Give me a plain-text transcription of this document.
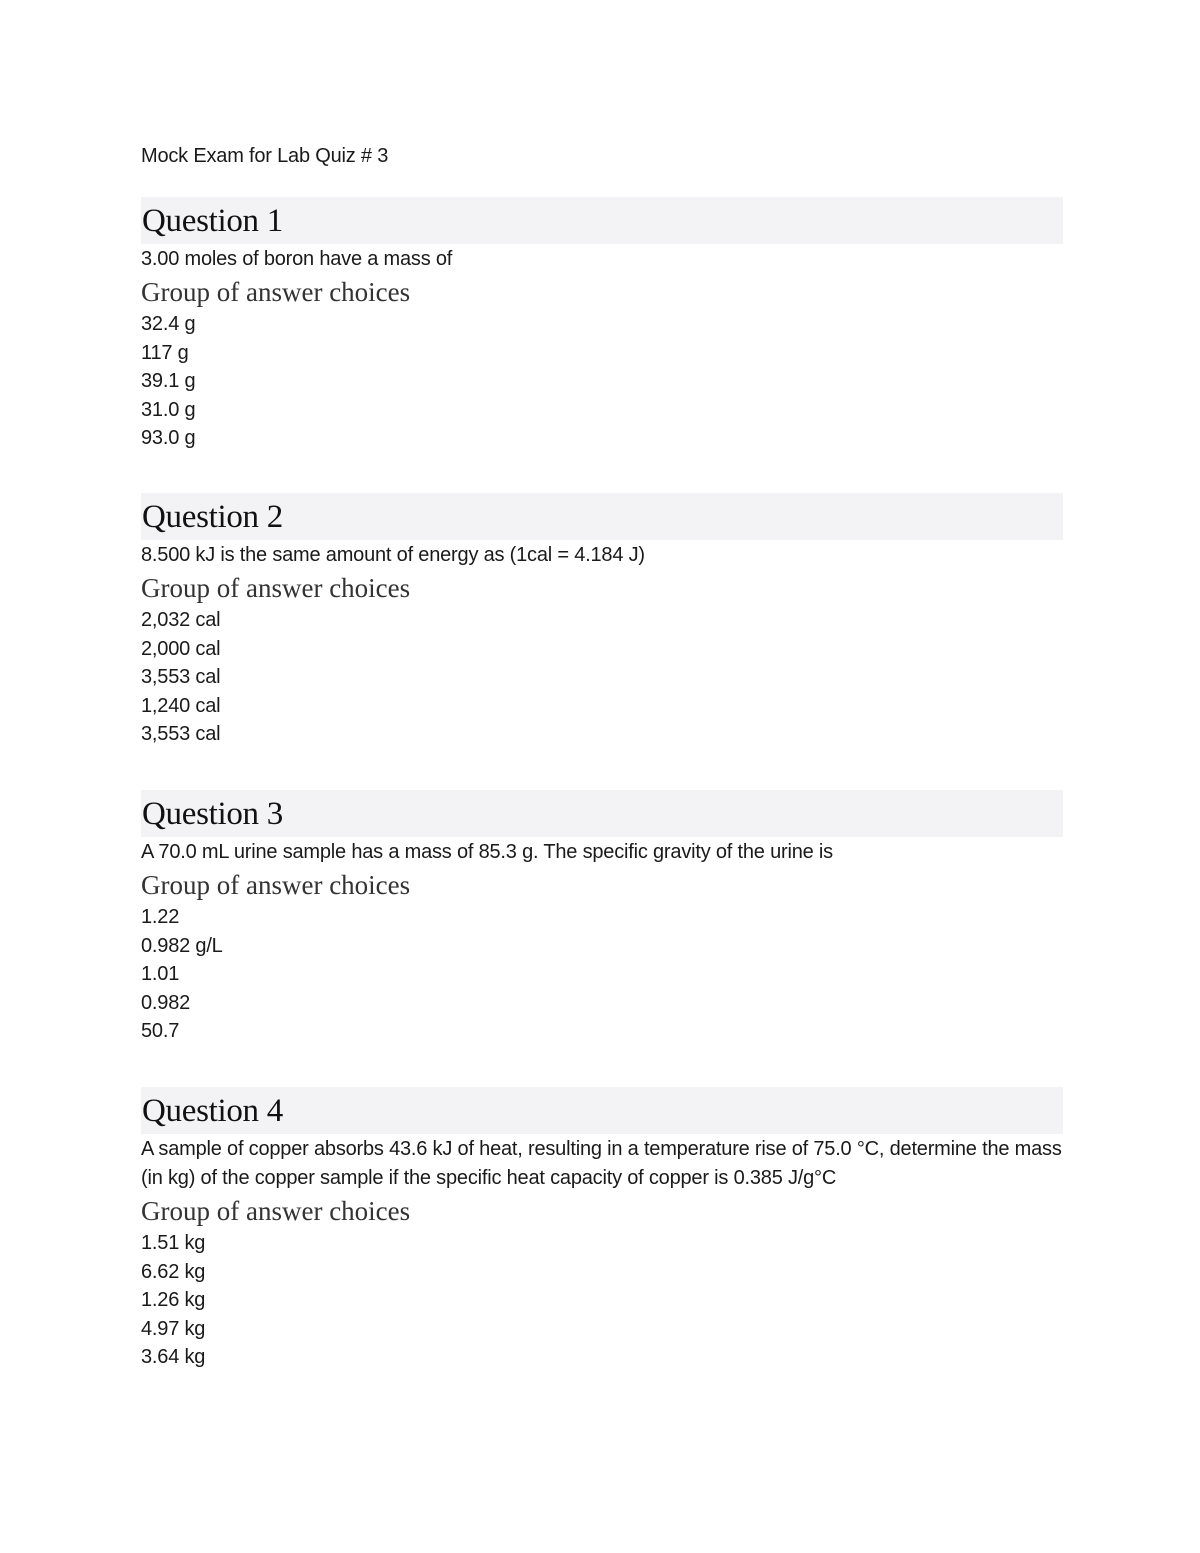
Mock Exam for Lab Quiz # 3
Question 1
3.00 moles of boron have a mass of
Group of answer choices
32.4 g
117 g
39.1 g
31.0 g
93.0 g
Question 2
8.500 kJ is the same amount of energy as (1cal = 4.184 J)
Group of answer choices
2,032 cal
2,000 cal
3,553 cal
1,240 cal
3,553 cal
Question 3
A 70.0 mL urine sample has a mass of 85.3 g. The specific gravity of the urine is
Group of answer choices
1.22
0.982 g/L
1.01
0.982
50.7
Question 4
A sample of copper absorbs 43.6 kJ of heat, resulting in a temperature rise of 75.0 °C, determine the mass (in kg) of the copper sample if the specific heat capacity of copper is 0.385 J/g°C
Group of answer choices
1.51 kg
6.62 kg
1.26 kg
4.97 kg
3.64 kg
